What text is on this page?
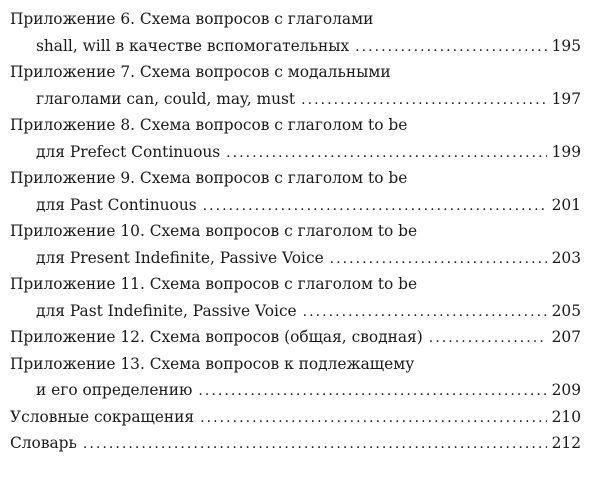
Приложение 6. Схема вопросов с глаголами
shall, will в качестве вспомогательных . . .	195
Приложение 7. Схема вопросов с модальными
глаголами can, could, may, must . . .	197
Приложение 8. Схема вопросов с глаголом to be
для Prefect Continuous . . .	199
Приложение 9. Схема вопросов с глаголом to be
для Past Continuous . . .	201
Приложение 10. Схема вопросов с глаголом to be
для Present Indefinite, Passive Voice . . .	203
Приложение 11. Схема вопросов с глаголом to be
для Past Indefinite, Passive Voice . . .	205
Приложение 12. Схема вопросов (общая, сводная) . . .	207
Приложение 13. Схема вопросов к подлежащему
и его определению . . .	209
Условные сокращения . . .	210
Словарь . . .	212
